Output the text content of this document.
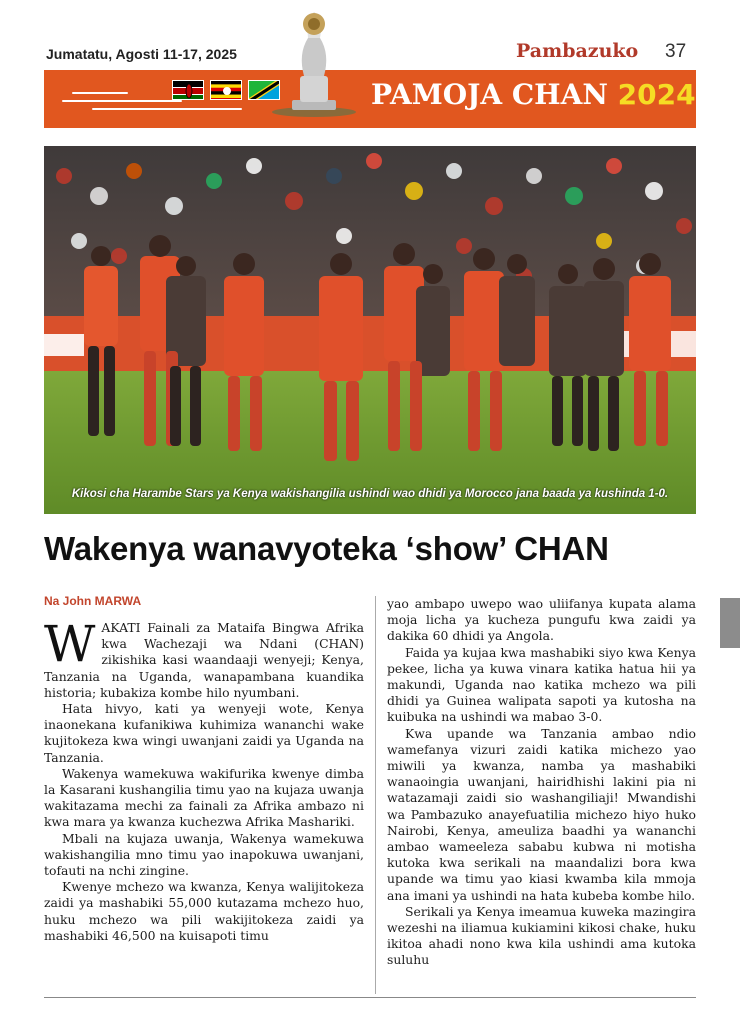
Jumatatu, Agosti 11-17, 2025	Pambazuko 37
PAMOJA CHAN 2024
Kikosi cha Harambe Stars ya Kenya wakishangilia ushindi wao dhidi ya Morocco jana baada ya kushinda 1-0.
Wakenya wanavyoteka ‘show’ CHAN
Na John MARWA

WAKATI Fainali za Mataifa Bingwa Afrika kwa Wachezaji wa Ndani (CHAN) zikishika kasi waandaaji wenyeji; Kenya, Tanzania na Uganda, wanapambana kuandika historia; kubakiza kombe hilo nyumbani.

Hata hivyo, kati ya wenyeji wote, Kenya inaonekana kufanikiwa kuhimiza wananchi wake kujitokeza kwa wingi uwanjani zaidi ya Uganda na Tanzania.

Wakenya wamekuwa wakifurika kwenye dimba la Kasarani kushangilia timu yao na kujaza uwanja wakitazama mechi za fainali za Afrika ambazo ni kwa mara ya kwanza kuchezwa Afrika Mashariki.

Mbali na kujaza uwanja, Wakenya wamekuwa wakishangilia mno timu yao inapokuwa uwanjani, tofauti na nchi zingine.

Kwenye mchezo wa kwanza, Kenya walijitokeza zaidi ya mashabiki 55,000 kutazama mchezo huo, huku mchezo wa pili wakijitokeza zaidi ya mashabiki 46,500 na kuisapoti timu

yao ambapo uwepo wao uliifanya kupata alama moja licha ya kucheza pungufu kwa zaidi ya dakika 60 dhidi ya Angola.

Faida ya kujaa kwa mashabiki siyo kwa Kenya pekee, licha ya kuwa vinara katika hatua hii ya makundi, Uganda nao katika mchezo wa pili dhidi ya Guinea walipata sapoti ya kutosha na kuibuka na ushindi wa mabao 3-0.

Kwa upande wa Tanzania ambao ndio wamefanya vizuri zaidi katika michezo yao miwili ya kwanza, namba ya mashabiki wanaoingia uwanjani, hairidhishi lakini pia ni watazamaji zaidi sio washangiliaji! Mwandishi wa Pambazuko anayefuatilia michezo hiyo huko Nairobi, Kenya, ameuliza baadhi ya wananchi ambao wameeleza sababu kubwa ni motisha kutoka kwa serikali na maandalizi bora kwa upande wa timu yao kiasi kwamba kila mmoja ana imani ya ushindi na hata kubeba kombe hilo.

Serikali ya Kenya imeamua kuweka mazingira wezeshi na iliamua kukiamini kikosi chake, huku ikitoa ahadi nono kwa kila ushindi ama kutoka suluhu
